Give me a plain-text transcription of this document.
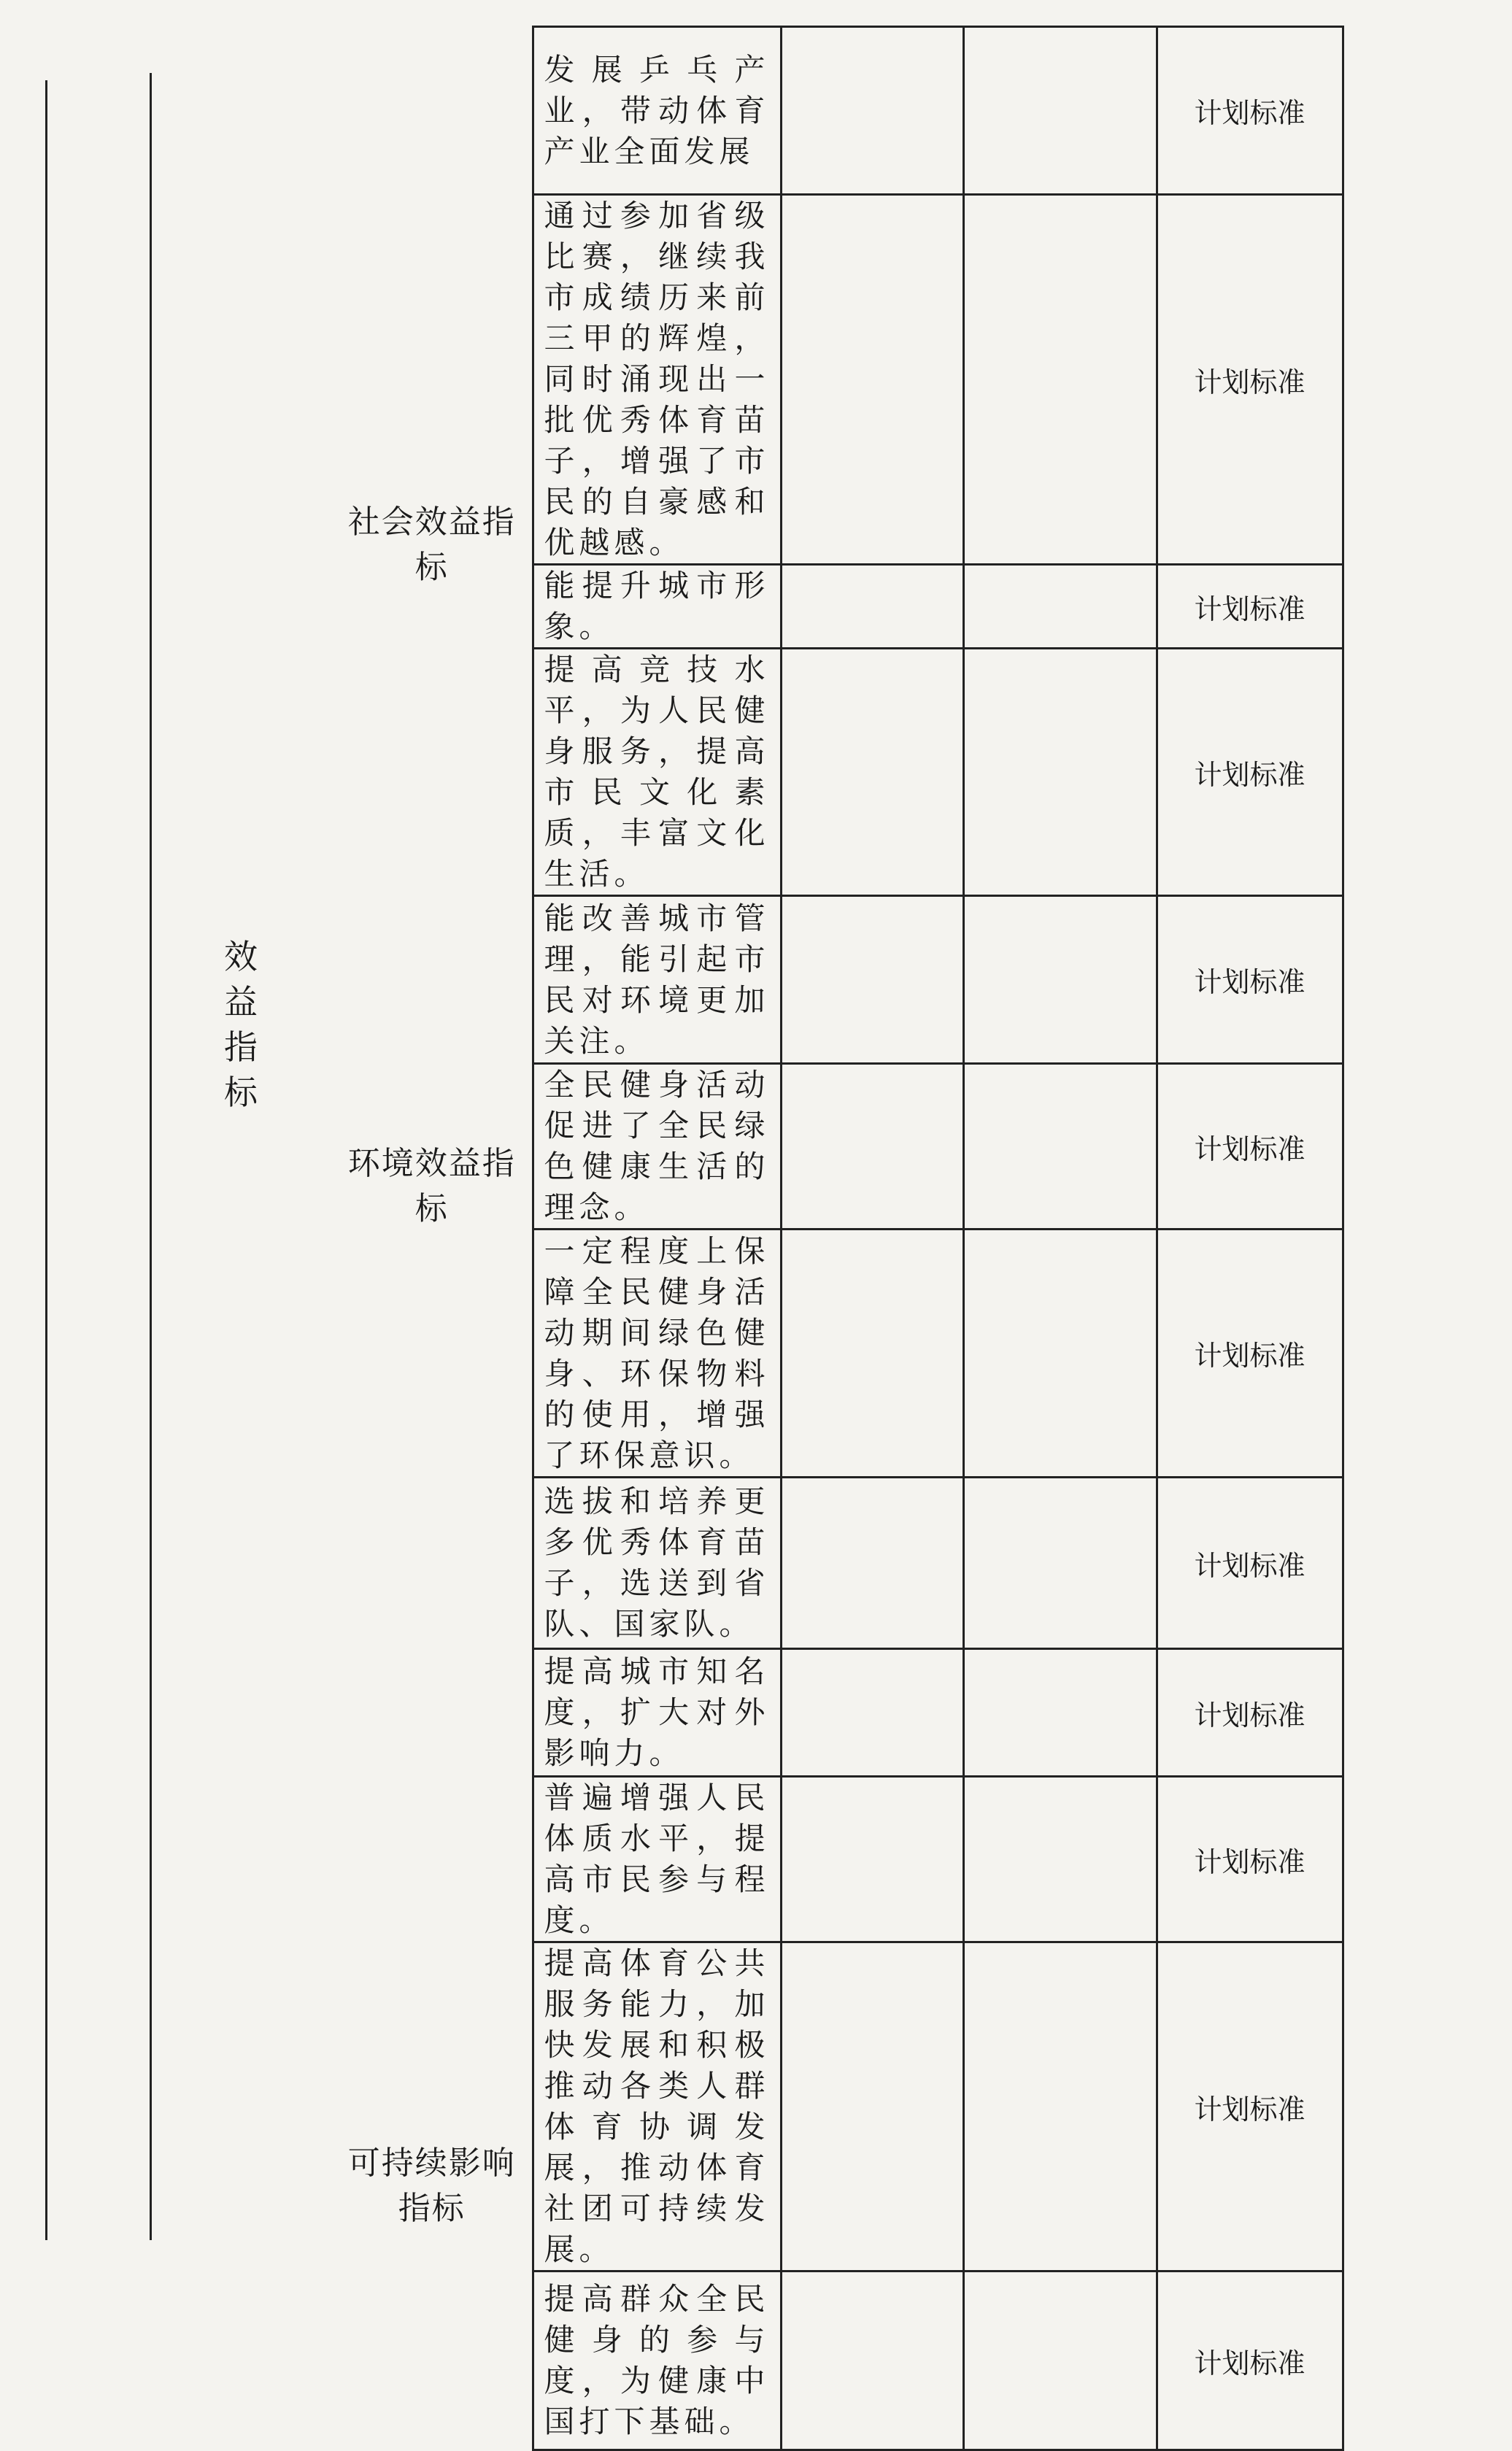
效益指标
	发展乒乓产业，带动体育产业全面发展			计划标准
社会效益指标	通过参加省级比赛，继续我市成绩历来前三甲的辉煌，同时涌现出一批优秀体育苗子，增强了市民的自豪感和优越感。			计划标准
	能提升城市形象。			计划标准
	提高竞技水平，为人民健身服务，提高市民文化素质，丰富文化生活。			计划标准
环境效益指标	能改善城市管理，能引起市民对环境更加关注。			计划标准
	全民健身活动促进了全民绿色健康生活的理念。			计划标准
	一定程度上保障全民健身活动期间绿色健身、环保物料的使用，增强了环保意识。			计划标准
可持续影响指标	选拔和培养更多优秀体育苗子，选送到省队、国家队。			计划标准
	提高城市知名度，扩大对外影响力。			计划标准
	普遍增强人民体质水平，提高市民参与程度。			计划标准
	提高体育公共服务能力，加快发展和积极推动各类人群体育协调发展，推动体育社团可持续发展。			计划标准
	提高群众全民健身的参与度，为健康中国打下基础。			计划标准
